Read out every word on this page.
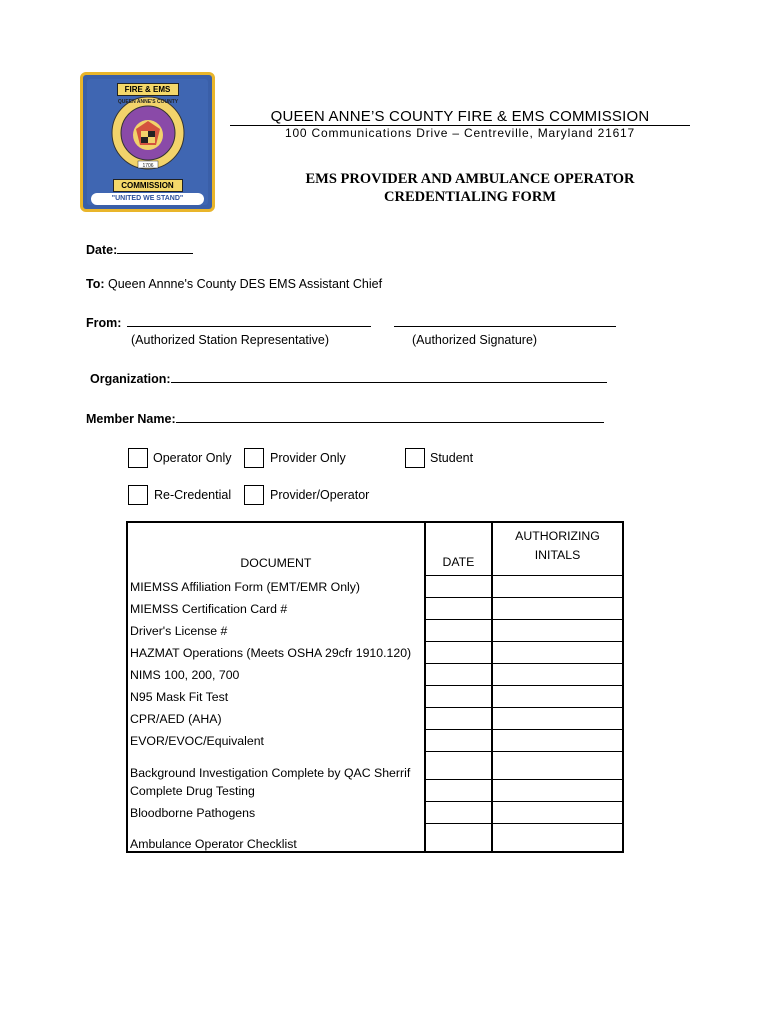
FIRE & EMS
QUEEN ANNE'S COUNTY
1706
COMMISSION
"UNITED WE STAND"
QUEEN ANNE’S COUNTY FIRE & EMS COMMISSION
100 Communications Drive – Centreville, Maryland 21617
EMS PROVIDER AND AMBULANCE OPERATOR
CREDENTIALING FORM
Date:
To: Queen Annne's County DES EMS Assistant Chief
From:
(Authorized Station Representative)	(Authorized Signature)
Organization:
Member Name:
Operator Only	Provider Only	Student
Re-Credential	Provider/Operator
DOCUMENT	DATE	AUTHORIZING
INITALS

MIEMSS Affiliation Form (EMT/EMR Only)		
MIEMSS Certification Card #		
Driver's License #		
HAZMAT Operations (Meets OSHA 29cfr 1910.120)		
NIMS 100, 200, 700		
N95 Mask Fit Test		
CPR/AED (AHA)		
EVOR/EVOC/Equivalent		
Background Investigation Complete by QAC Sherrif		
Complete Drug Testing		
Bloodborne Pathogens		
Ambulance Operator Checklist		
